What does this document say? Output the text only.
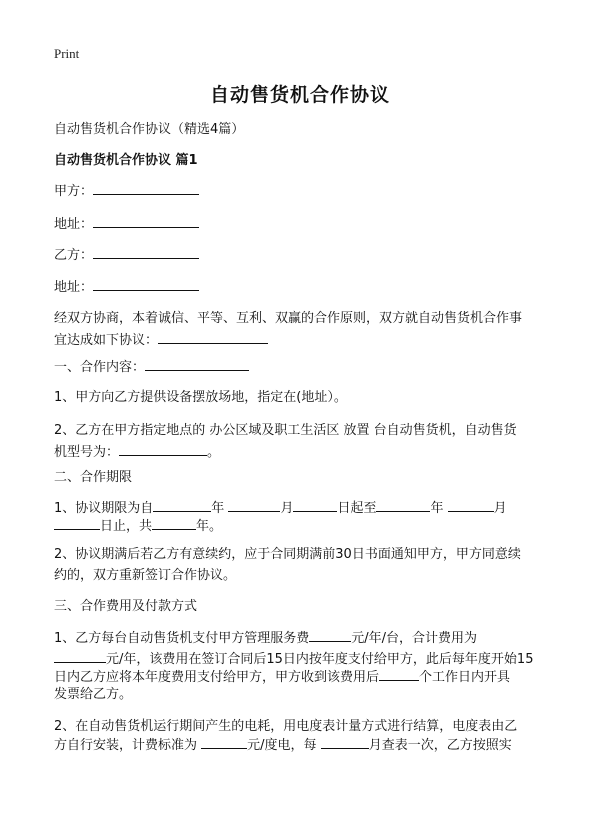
Print
自动售货机合作协议
自动售货机合作协议（精选4篇）
自动售货机合作协议 篇1
甲方：
地址：
乙方：
地址：
经双方协商，本着诚信、平等、互利、双赢的合作原则，双方就自动售货机合作事
宜达成如下协议：
一、合作内容：
1、甲方向乙方提供设备摆放场地，指定在(地址）。
2、乙方在甲方指定地点的 办公区域及职工生活区 放置 台自动售货机，自动售货
机型号为：	。
二、合作期限
1、协议期限为自	年	月	日起至	年	月
日止，共	年。
2、协议期满后若乙方有意续约，应于合同期满前30日书面通知甲方，甲方同意续
约的，双方重新签订合作协议。
三、合作费用及付款方式
1、乙方每台自动售货机支付甲方管理服务费	元/年/台，合计费用为
元/年，该费用在签订合同后15日内按年度支付给甲方，此后每年度开始15
日内乙方应将本年度费用支付给甲方，甲方收到该费用后	个工作日内开具
发票给乙方。
2、在自动售货机运行期间产生的电耗，用电度表计量方式进行结算，电度表由乙
方自行安装，计费标准为	元/度电，每	月查表一次，乙方按照实
